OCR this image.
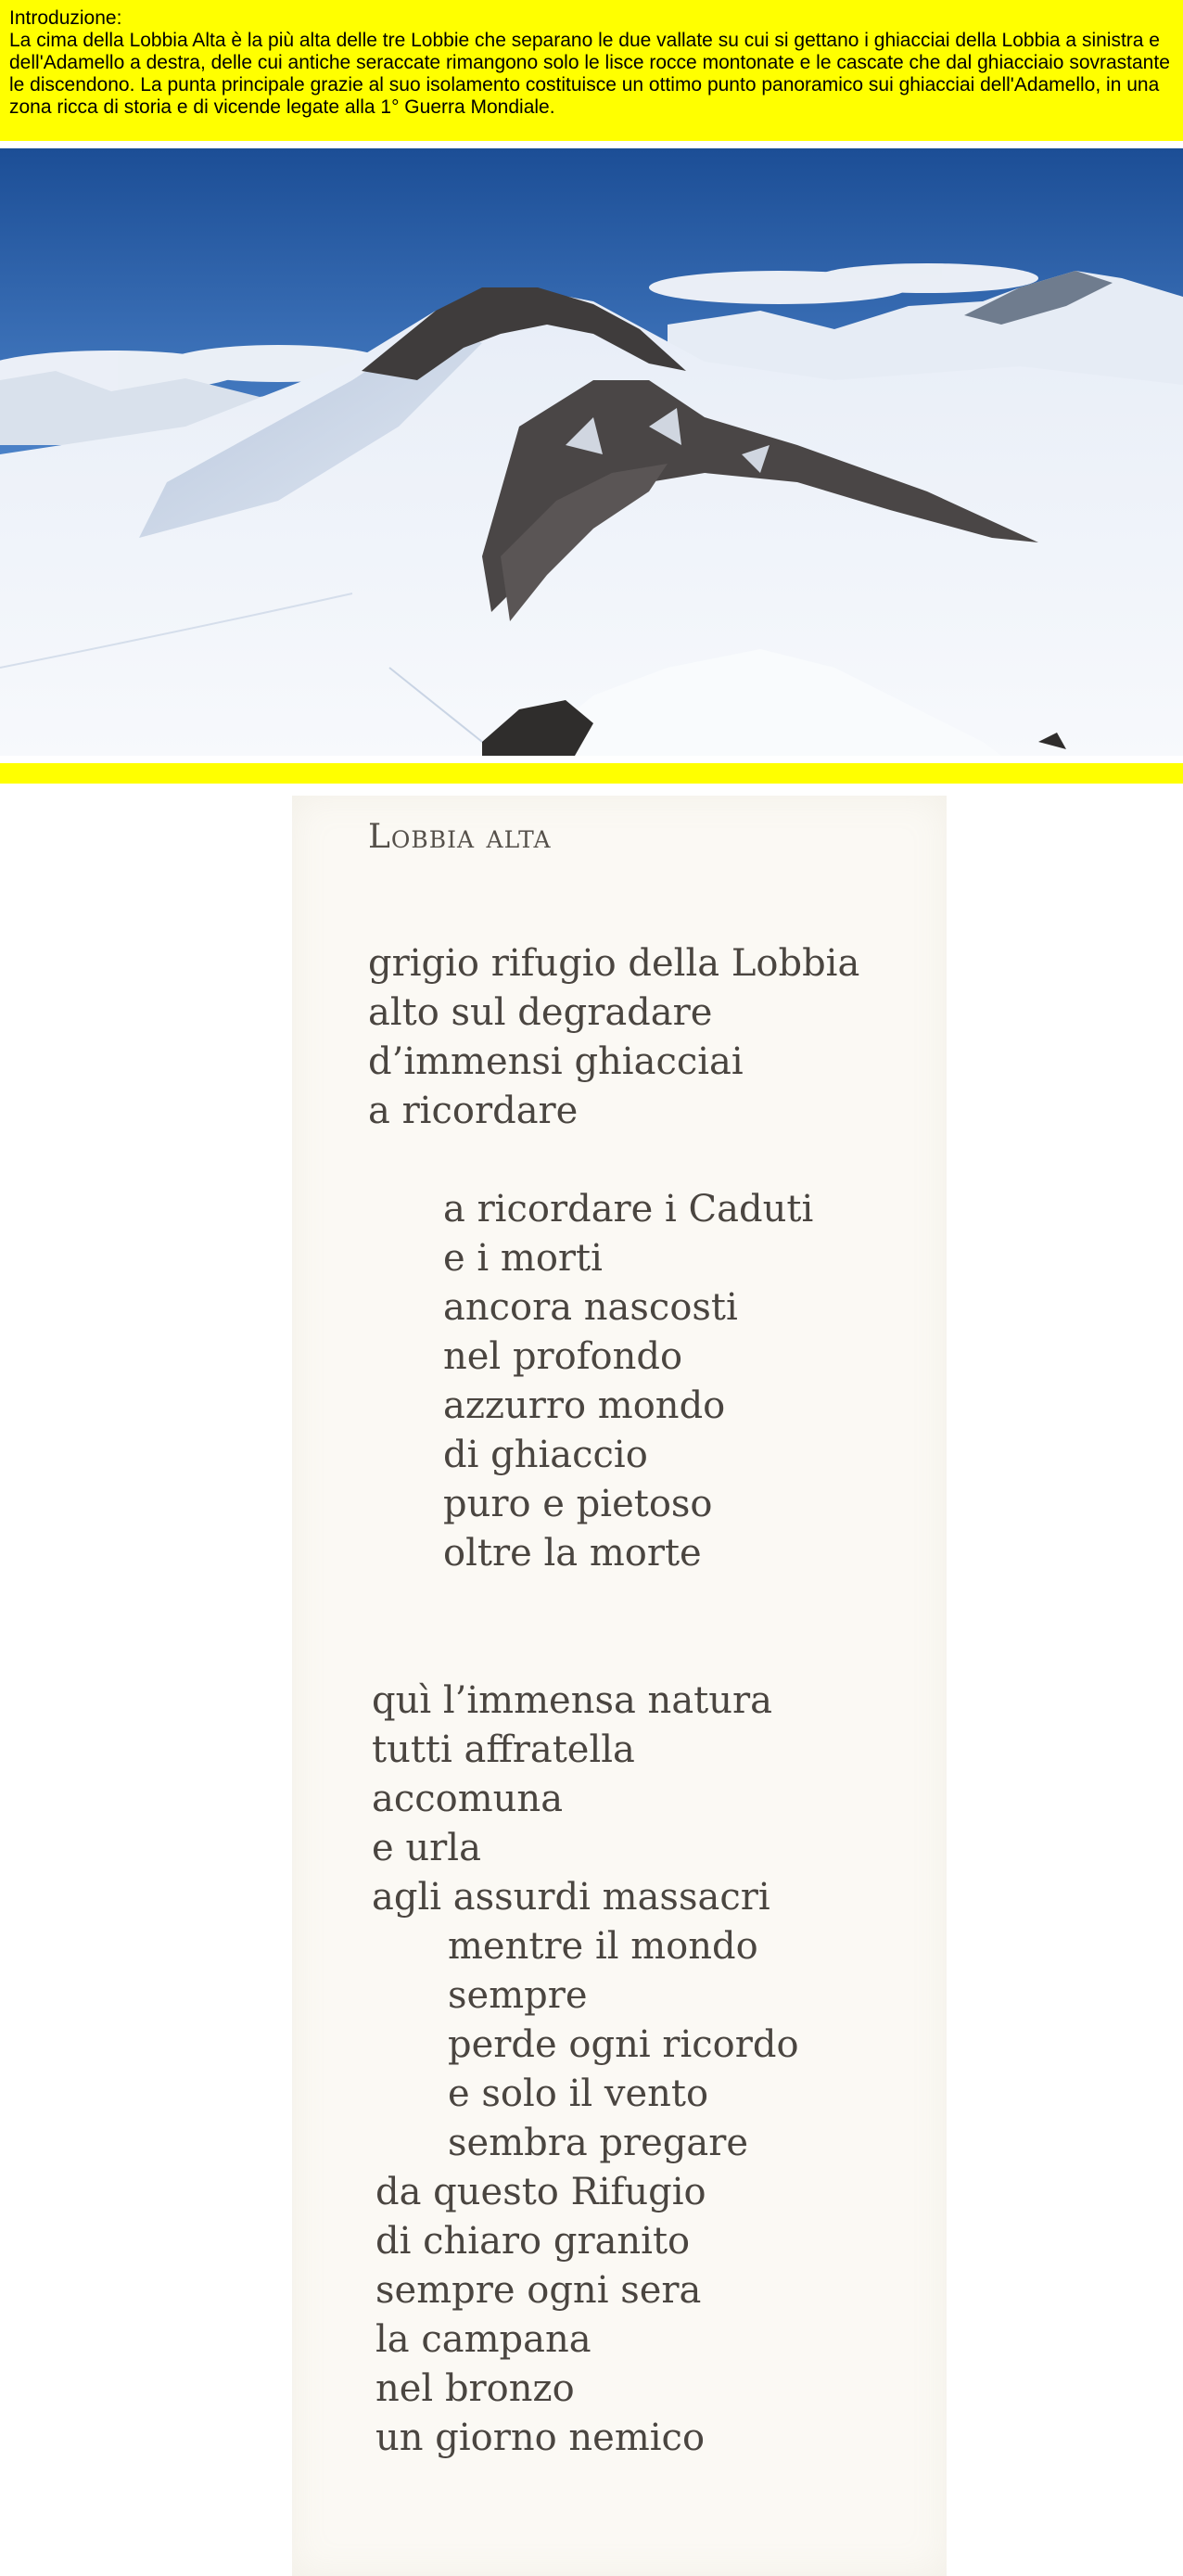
Introduzione:
La cima della Lobbia Alta è la più alta delle tre Lobbie che separano le due vallate su cui si gettano i ghiacciai della Lobbia a sinistra e dell'Adamello a destra, delle cui antiche seraccate rimangono solo le lisce rocce montonate e le cascate che dal ghiacciaio sovrastante le discendono. La punta principale grazie al suo isolamento costituisce un ottimo punto panoramico sui ghiacciai dell'Adamello, in una zona ricca di storia e di vicende legate alla 1° Guerra Mondiale.
Lobbia alta
grigio rifugio della Lobbia
alto sul degradare
d’immensi ghiacciai
a ricordare
a ricordare i Caduti
e i morti
ancora nascosti
nel profondo
azzurro mondo
di ghiaccio
puro e pietoso
oltre la morte
quì l’immensa natura
tutti affratella
accomuna
e urla
agli assurdi massacri
mentre il mondo
sempre
perde ogni ricordo
e solo il vento
sembra pregare
da questo Rifugio
di chiaro granito
sempre ogni sera
la campana
nel bronzo
un giorno nemico
